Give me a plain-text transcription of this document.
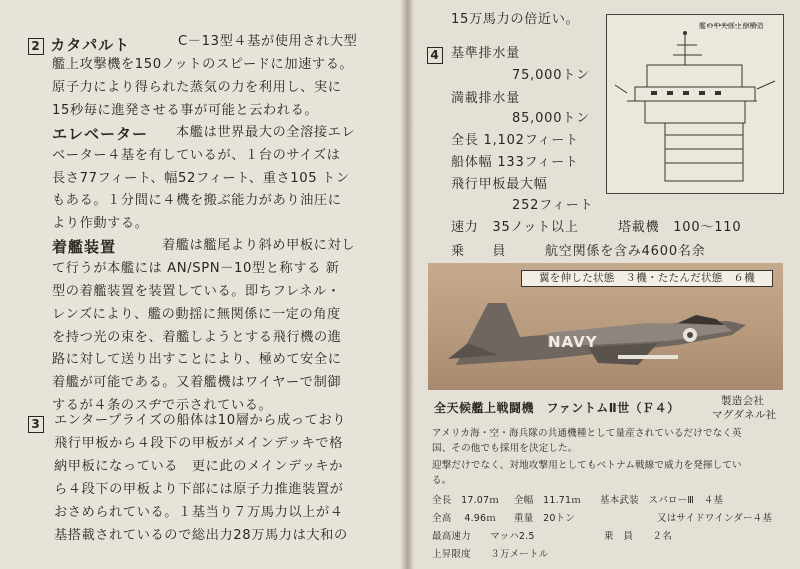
2 カタパルト	C－13型４基が使用され大型
艦上攻撃機を150ノットのスピードに加速する。
原子力により得られた蒸気の力を利用し、実に
15秒毎に進発させる事が可能と云われる。
エレベーター 本艦は世界最大の全溶接エレ
ベーター４基を有しているが、１台のサイズは
長さ77フィート、幅52フィート、重さ105 トン
もある。１分間に４機を搬ぶ能力があり油圧に
より作動する。
着艦装置	着艦は艦尾より斜め甲板に対し
て行うが本艦には AN/SPN－10型と称する 新
型の着艦装置を装置している。即ちフレネル・
レンズにより、艦の動揺に無関係に一定の角度
を持つ光の束を、着艦しようとする飛行機の進
路に対して送り出すことにより、極めて安全に
着艦が可能である。又着艦機はワイヤーで制御
するが４条のスヂで示されている。
3 エンタープライズの船体は10層から成っており
飛行甲板から４段下の甲板がメインデッキで格
納甲板になっている　更に此のメインデッキか
ら４段下の甲板より下部には原子力推進装置が
おさめられている。１基当り７万馬力以上が４
基搭載されているので総出力28万馬力は大和の
15万馬力の倍近い。
4 基準排水量
75,000トン
満載排水量
85,000トン
全長 1,102フィート
船体幅 133フィート
飛行甲板最大幅
252フィート
速力　35ノット以上	塔載機　100～110
乗　　員	航空関係を含み4600名余
艦の中央部上部構造
NAVY
翼を伸した状態　３機・たたんだ状態　６機
全天候艦上戦闘機　ファントムⅡ世（Ｆ４）	製造会社
マグダネル社
アメリカ海・空・海兵隊の共通機種として量産されているだけでなく英
国、その他でも採用を決定した。
迎撃だけでなく、対地攻撃用としてもベトナム戦線で威力を発揮してい
る。
全長　17.07ｍ 全幅　11.71ｍ 基本武装　スパローⅢ　４基
全高　 4.96ｍ 重量　20トン	又はサイドワインダー４基
最高速力　　マッハ2.5	乗　員　　２名
上昇限度　　３万メートル
